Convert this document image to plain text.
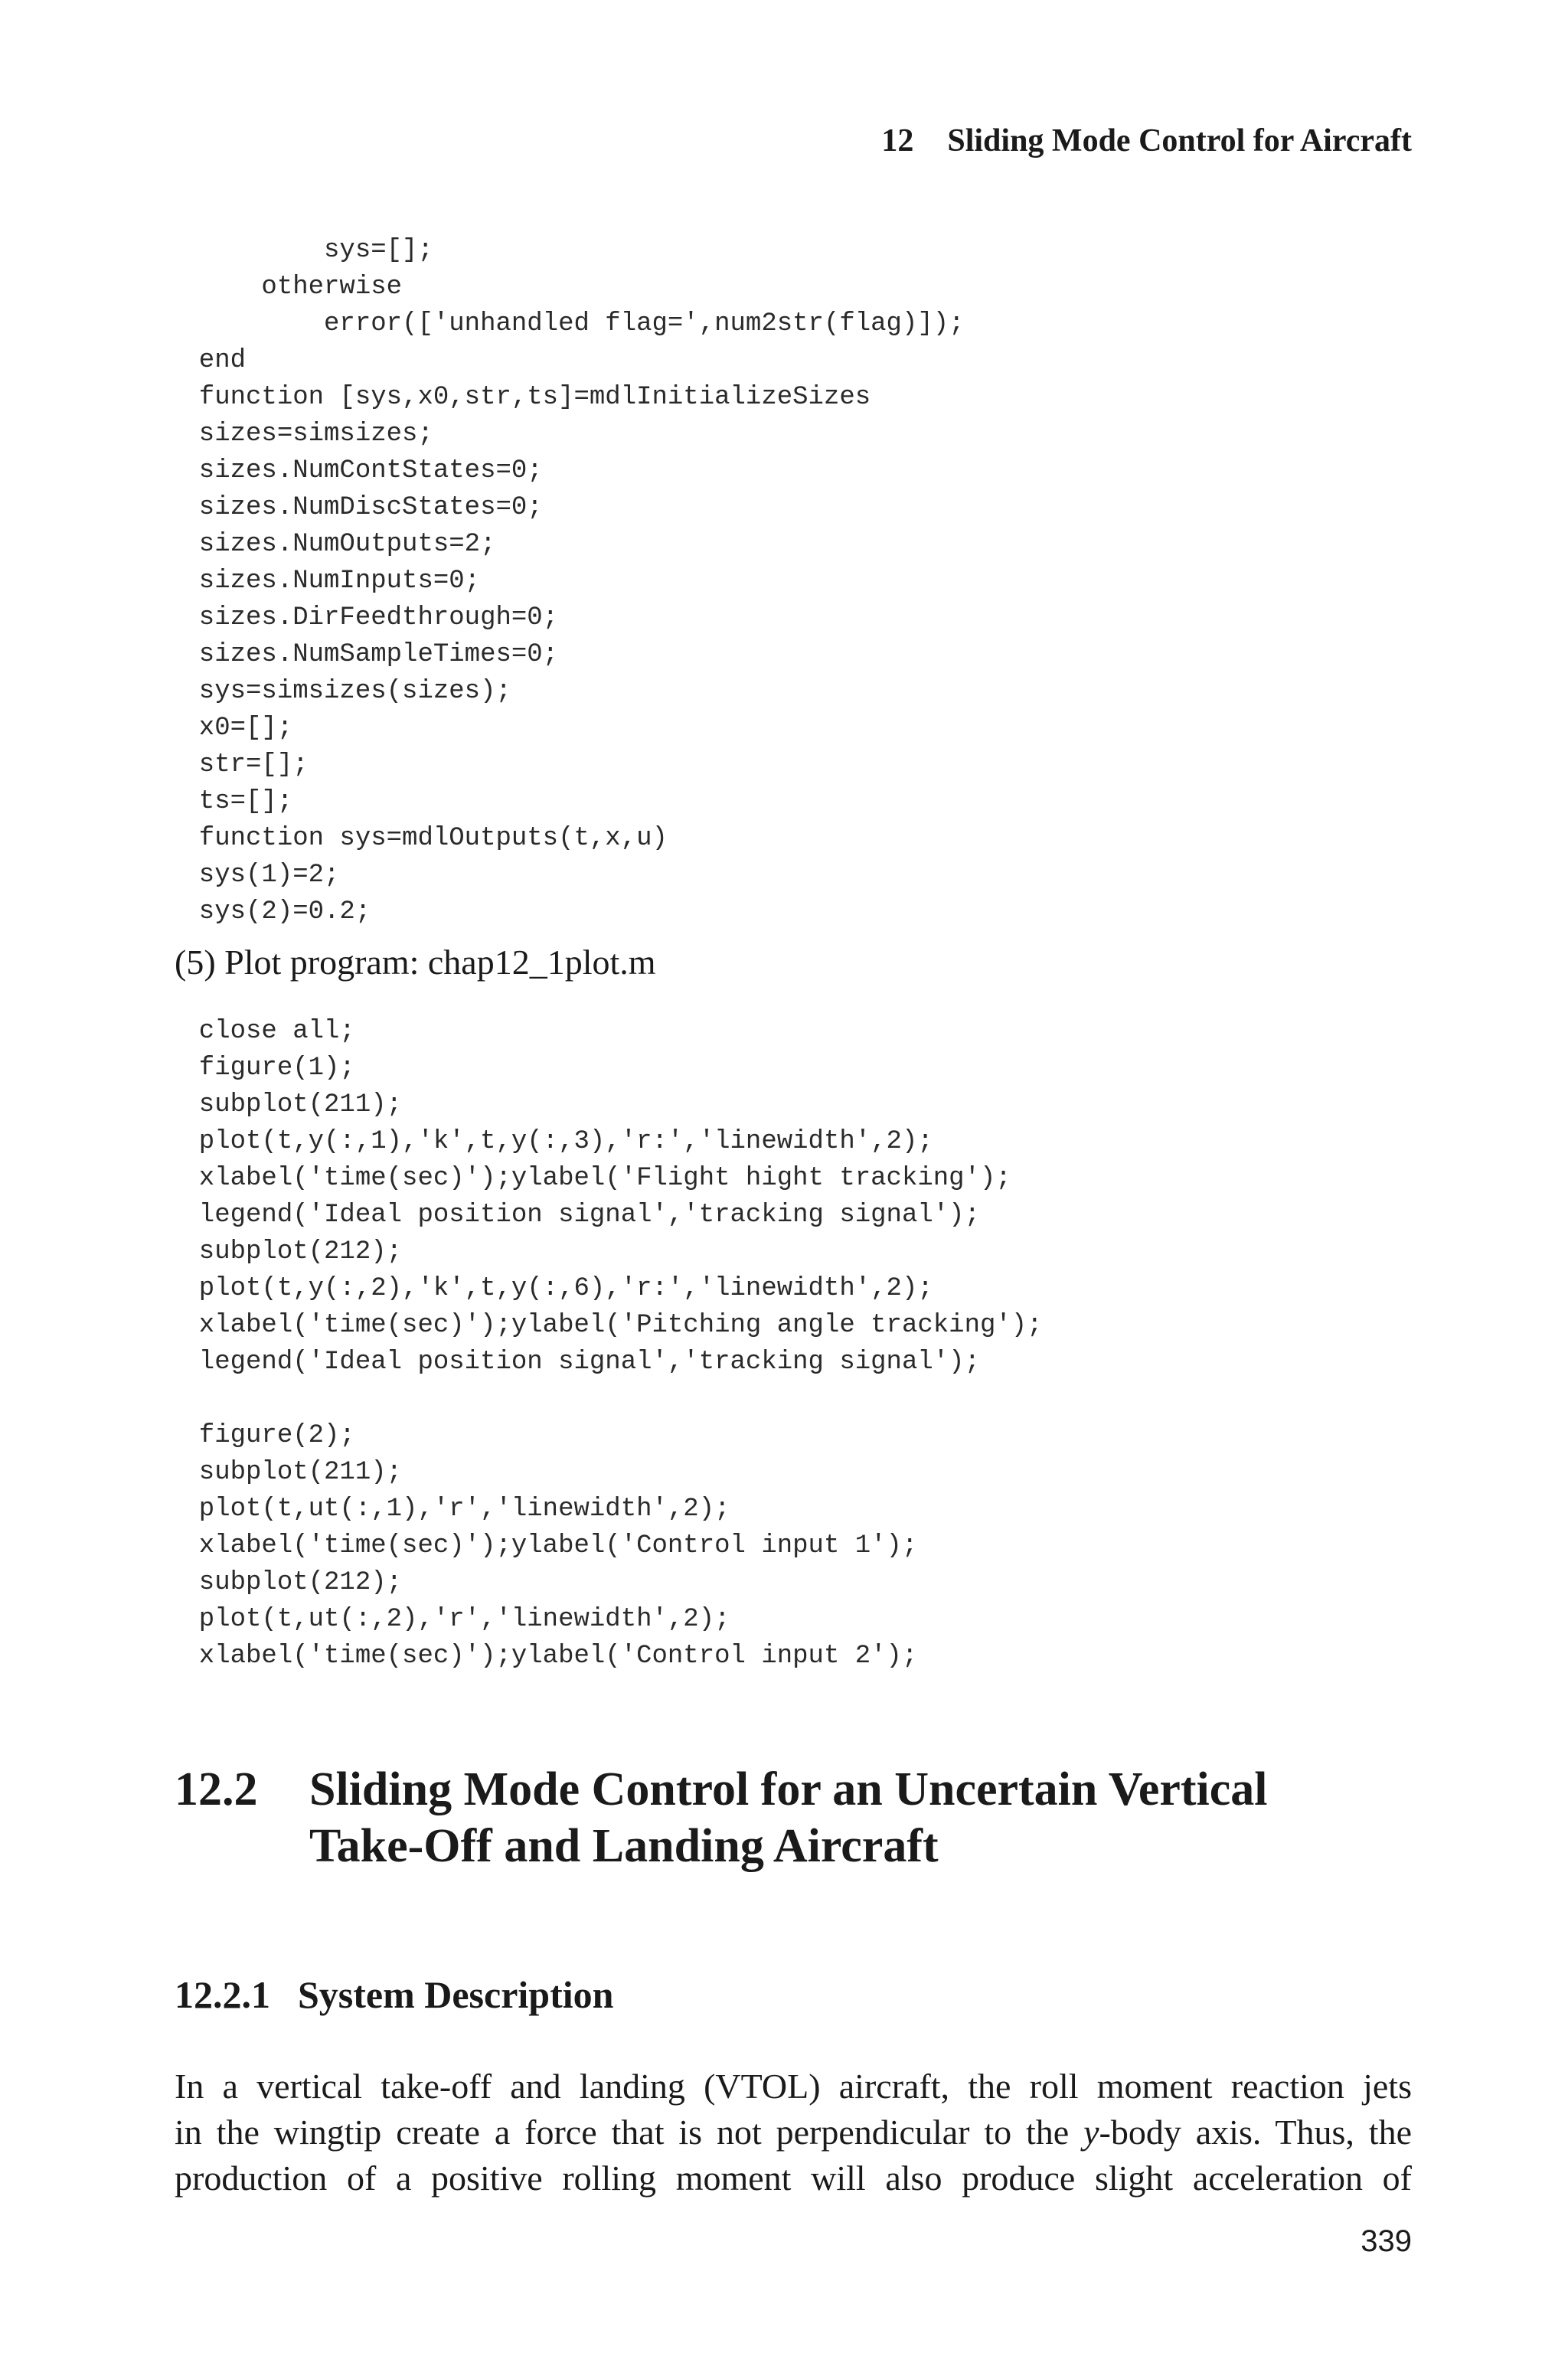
12 Sliding Mode Control for Aircraft
sys=[];
otherwise
error(['unhandled flag=',num2str(flag)]);
end
function [sys,x0,str,ts]=mdlInitializeSizes
sizes=simsizes;
sizes.NumContStates=0;
sizes.NumDiscStates=0;
sizes.NumOutputs=2;
sizes.NumInputs=0;
sizes.DirFeedthrough=0;
sizes.NumSampleTimes=0;
sys=simsizes(sizes);
x0=[];
str=[];
ts=[];
function sys=mdlOutputs(t,x,u)
sys(1)=2;
sys(2)=0.2;
(5) Plot program: chap12_1plot.m
close all;
figure(1);
subplot(211);
plot(t,y(:,1),'k',t,y(:,3),'r:','linewidth',2);
xlabel('time(sec)');ylabel('Flight hight tracking');
legend('Ideal position signal','tracking signal');
subplot(212);
plot(t,y(:,2),'k',t,y(:,6),'r:','linewidth',2);
xlabel('time(sec)');ylabel('Pitching angle tracking');
legend('Ideal position signal','tracking signal');
figure(2);
subplot(211);
plot(t,ut(:,1),'r','linewidth',2);
xlabel('time(sec)');ylabel('Control input 1');
subplot(212);
plot(t,ut(:,2),'r','linewidth',2);
xlabel('time(sec)');ylabel('Control input 2');
12.2 Sliding Mode Control for an Uncertain Vertical
Take-Off and Landing Aircraft
12.2.1 System Description
In a vertical take-off and landing (VTOL) aircraft, the roll moment reaction jets
in the wingtip create a force that is not perpendicular to the y-body axis. Thus, the
production of a positive rolling moment will also produce slight acceleration of
339
